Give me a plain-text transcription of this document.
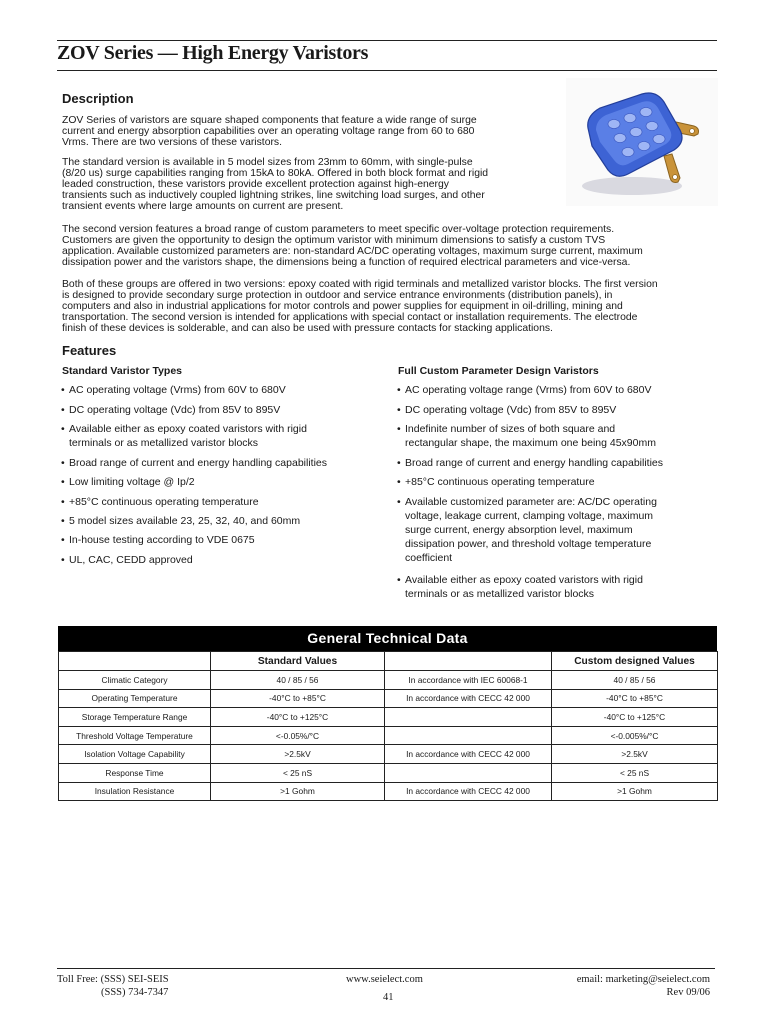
ZOV Series — High Energy Varistors
Description
ZOV Series of varistors are square shaped components that feature a wide range of surge
current and energy absorption capabilities over an operating voltage range from 60 to 680
Vrms. There are two versions of these varistors.
The standard version is available in 5 model sizes from 23mm to 60mm, with single-pulse
(8/20 us) surge capabilities ranging from 15kA to 80kA. Offered in both block format and rigid
leaded construction, these varistors provide excellent protection against high-energy
transients such as inductively coupled lightning strikes, line switching load surges, and other
transient events where large amounts on current are present.
The second version features a broad range of custom parameters to meet specific over-voltage protection requirements.
Customers are given the opportunity to design the optimum varistor with minimum dimensions to satisfy a custom TVS
application. Available customized parameters are: non-standard AC/DC operating voltages, maximum surge current, maximum
dissipation power and the varistors shape, the dimensions being a function of required electrical parameters and vice-versa.
Both of these groups are offered in two versions: epoxy coated with rigid terminals and metallized varistor blocks. The first version
is designed to provide secondary surge protection in outdoor and service entrance environments (distribution panels), in
computers and also in industrial applications for motor controls and power supplies for equipment in oil-drilling, mining and
transportation. The second version is intended for applications with special contact or installation requirements. The electrode
finish of these devices is solderable, and can also be used with pressure contacts for stacking applications.
Features
Standard Varistor Types	Full Custom Parameter Design Varistors
• AC operating voltage (Vrms) from 60V to 680V
• DC operating voltage (Vdc) from 85V to 895V
• Available either as epoxy coated varistors with rigid
terminals or as metallized varistor blocks
• Broad range of current and energy handling capabilities
• Low limiting voltage @ Ip/2
• +85°C continuous operating temperature
• 5 model sizes available 23, 25, 32, 40, and 60mm
• In-house testing according to VDE 0675
• UL, CAC, CEDD approved
• AC operating voltage range (Vrms) from 60V to 680V
• DC operating voltage (Vdc) from 85V to 895V
• Indefinite number of sizes of both square and
rectangular shape, the maximum one being 45x90mm
• Broad range of current and energy handling capabilities
• +85°C continuous operating temperature
• Available customized parameter are: AC/DC operating
voltage, leakage current, clamping voltage, maximum
surge current, energy absorption level, maximum
dissipation power, and threshold voltage temperature
coefficient
• Available either as epoxy coated varistors with rigid
terminals or as metallized varistor blocks
General Technical Data
	Standard Values		Custom designed Values
Climatic Category	40 / 85 / 56	In accordance with IEC 60068-1	40 / 85 / 56
Operating Temperature	-40°C to +85°C	In accordance with CECC 42 000	-40°C to +85°C
Storage Temperature Range	-40°C to +125°C		-40°C to +125°C
Threshold Voltage Temperature	<-0.05%/°C		<-0.005%/°C
Isolation Voltage Capability	>2.5kV	In accordance with CECC 42 000	>2.5kV
Response Time	< 25 nS		< 25 nS
Insulation Resistance	>1 Gohm	In accordance with CECC 42 000	>1 Gohm
Toll Free: (SSS) SEI-SEIS
(SSS) 734-7347
www.seielect.com
41
email: marketing@seielect.com
Rev 09/06
